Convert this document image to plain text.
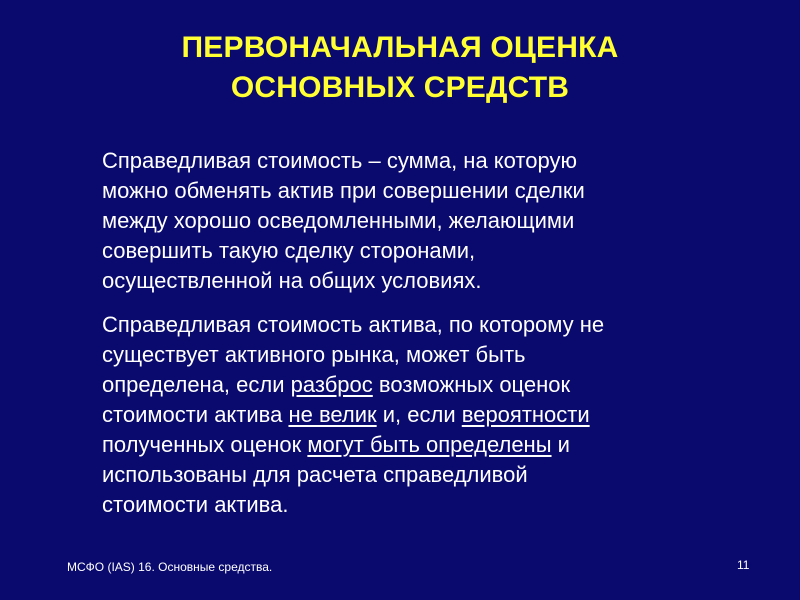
ПЕРВОНАЧАЛЬНАЯ ОЦЕНКА
ОСНОВНЫХ СРЕДСТВ

Справедливая стоимость – сумма, на которую
можно обменять актив при совершении сделки
между хорошо осведомленными, желающими
совершить такую сделку сторонами,
осуществленной на общих условиях.

Справедливая стоимость актива, по которому не
существует активного рынка, может быть
определена, если разброс возможных оценок
стоимости актива не велик и, если вероятности
полученных оценок могут быть определены и
использованы для расчета справедливой
стоимости актива.

МСФО (IAS) 16. Основные средства.	11
